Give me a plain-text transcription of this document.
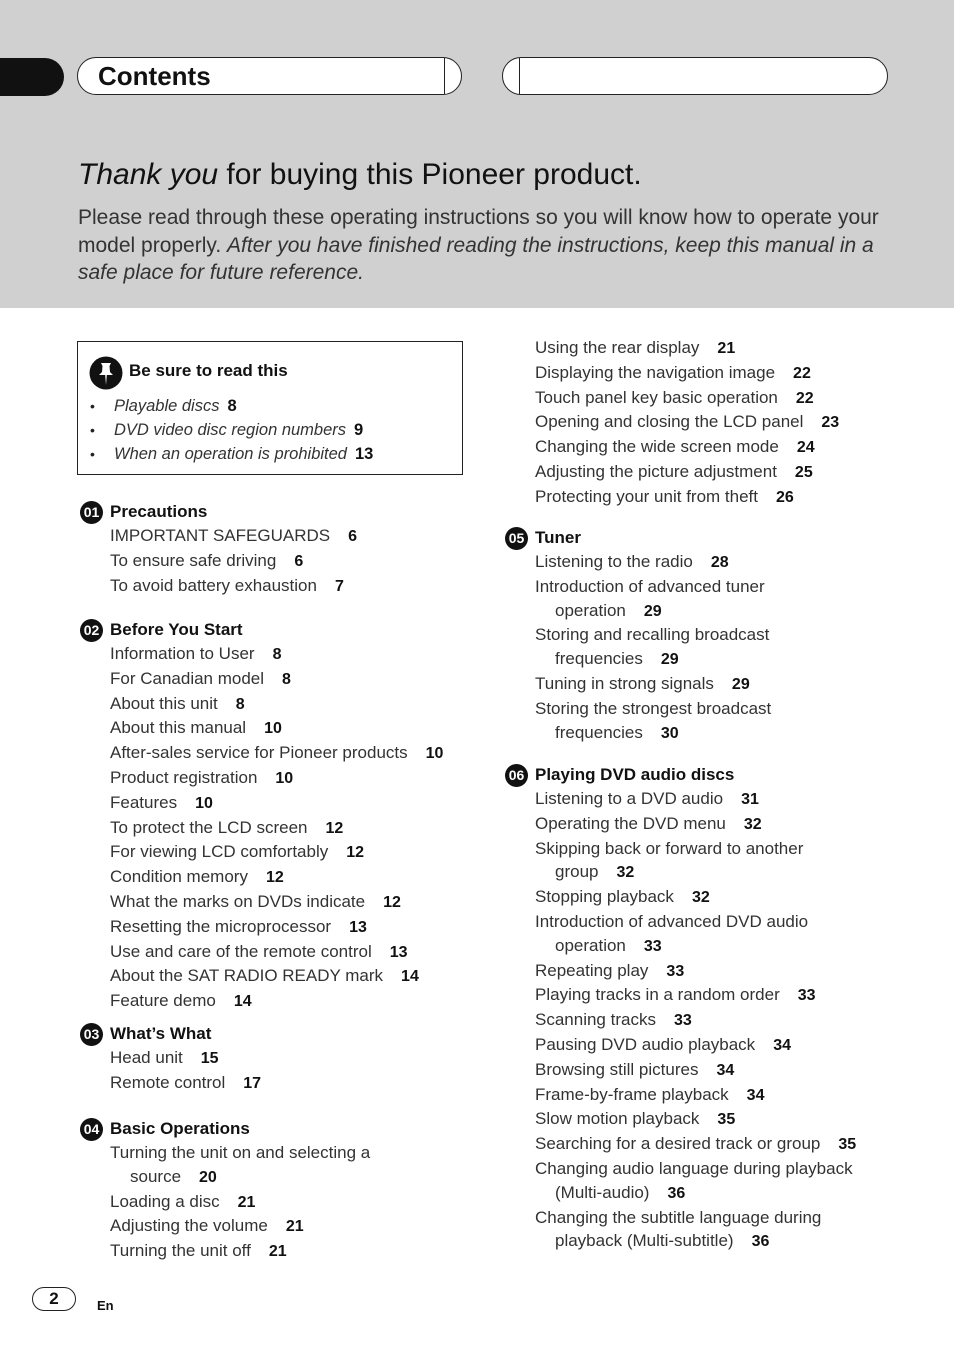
Contents
Thank you for buying this Pioneer product.

Please read through these operating instructions so you will know how to operate your model properly. After you have finished reading the instructions, keep this manual in a safe place for future reference.

Be sure to read this
• Playable discs 8
• DVD video disc region numbers 9
• When an operation is prohibited 13
01 Precautions
IMPORTANT SAFEGUARDS 6
To ensure safe driving 6
To avoid battery exhaustion 7
02 Before You Start
Information to User 8
For Canadian model 8
About this unit 8
About this manual 10
After-sales service for Pioneer products 10
Product registration 10
Features 10
To protect the LCD screen 12
For viewing LCD comfortably 12
Condition memory 12
What the marks on DVDs indicate 12
Resetting the microprocessor 13
Use and care of the remote control 13
About the SAT RADIO READY mark 14
Feature demo 14
03 What’s What
Head unit 15
Remote control 17
04 Basic Operations
Turning the unit on and selecting a
source 20
Loading a disc 21
Adjusting the volume 21
Turning the unit off 21
Using the rear display 21
Displaying the navigation image 22
Touch panel key basic operation 22
Opening and closing the LCD panel 23
Changing the wide screen mode 24
Adjusting the picture adjustment 25
Protecting your unit from theft 26
05 Tuner
Listening to the radio 28
Introduction of advanced tuner
operation 29
Storing and recalling broadcast
frequencies 29
Tuning in strong signals 29
Storing the strongest broadcast
frequencies 30
06 Playing DVD audio discs
Listening to a DVD audio 31
Operating the DVD menu 32
Skipping back or forward to another
group 32
Stopping playback 32
Introduction of advanced DVD audio
operation 33
Repeating play 33
Playing tracks in a random order 33
Scanning tracks 33
Pausing DVD audio playback 34
Browsing still pictures 34
Frame-by-frame playback 34
Slow motion playback 35
Searching for a desired track or group 35
Changing audio language during playback
(Multi-audio) 36
Changing the subtitle language during
playback (Multi-subtitle) 36
2	En
